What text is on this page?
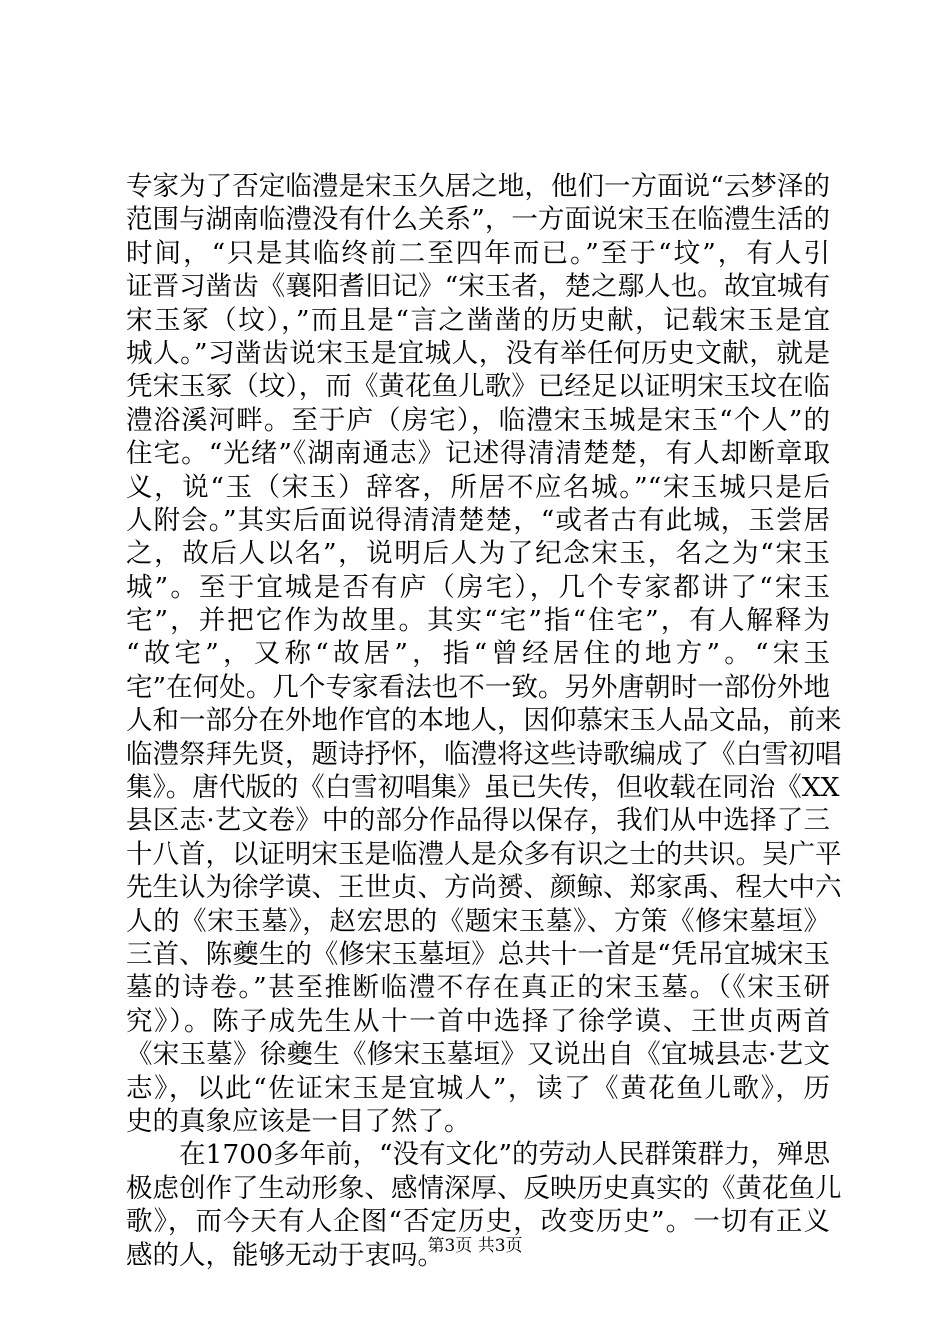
专家为了否定临澧是宋玉久居之地，他们一方面说“云梦泽的
范围与湖南临澧没有什么关系”，一方面说宋玉在临澧生活的
时间，“只是其临终前二至四年而已。”至于“坟”，有人引
证晋习凿齿《襄阳耆旧记》“宋玉者，楚之鄢人也。故宜城有
宋玉冢（坟），”而且是“言之凿凿的历史献，记载宋玉是宜
城人。”习凿齿说宋玉是宜城人，没有举任何历史文献，就是
凭宋玉冢（坟），而《黄花鱼儿歌》已经足以证明宋玉坟在临
澧浴溪河畔。至于庐（房宅），临澧宋玉城是宋玉“个人”的
住宅。“光绪”《湖南通志》记述得清清楚楚，有人却断章取
义，说“玉（宋玉）辞客，所居不应名城。”“宋玉城只是后
人附会。”其实后面说得清清楚楚，“或者古有此城，玉尝居
之，故后人以名”，说明后人为了纪念宋玉，名之为“宋玉
城”。至于宜城是否有庐（房宅），几个专家都讲了“宋玉
宅”，并把它作为故里。其实“宅”指“住宅”，有人解释为
“故宅”，又称“故居”，指“曾经居住的地方”。“宋玉
宅”在何处。几个专家看法也不一致。另外唐朝时一部份外地
人和一部分在外地作官的本地人，因仰慕宋玉人品文品，前来
临澧祭拜先贤，题诗抒怀，临澧将这些诗歌编成了《白雪初唱
集》。唐代版的《白雪初唱集》虽已失传，但收载在同治《XX
县区志·艺文卷》中的部分作品得以保存，我们从中选择了三
十八首，以证明宋玉是临澧人是众多有识之士的共识。吴广平
先生认为徐学谟、王世贞、方尚赟、颜鲸、郑家禹、程大中六
人的《宋玉墓》，赵宏思的《题宋玉墓》、方策《修宋墓垣》
三首、陈夔生的《修宋玉墓垣》总共十一首是“凭吊宜城宋玉
墓的诗卷。”甚至推断临澧不存在真正的宋玉墓。（《宋玉研
究》）。陈子成先生从十一首中选择了徐学谟、王世贞两首
《宋玉墓》徐夔生《修宋玉墓垣》又说出自《宜城县志·艺文
志》，以此“佐证宋玉是宜城人”，读了《黄花鱼儿歌》，历
史的真象应该是一目了然了。
在1700多年前，“没有文化”的劳动人民群策群力，殚思
极虑创作了生动形象、感情深厚、反映历史真实的《黄花鱼儿
歌》，而今天有人企图“否定历史，改变历史”。一切有正义
感的人，能够无动于衷吗。
第3页 共3页
